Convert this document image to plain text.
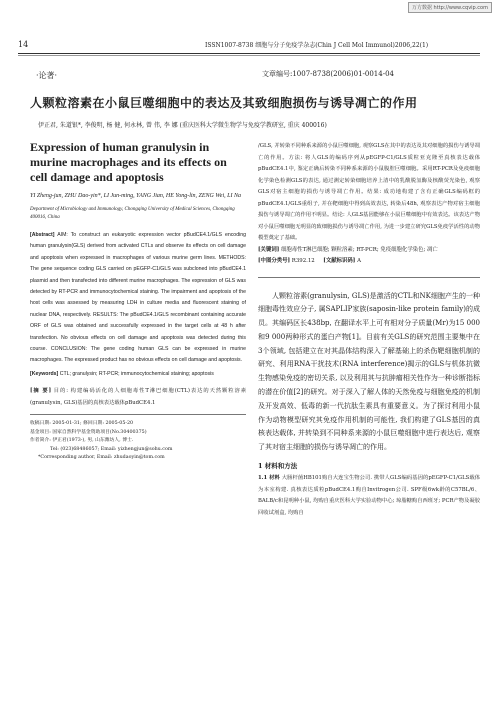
万方数据 http://www.cqvip.com
14	ISSN1007-8738 细胞与分子免疫学杂志(Chin J Cell Mol Immunol)2006,22(1)
·论著·	文章编号:1007-8738(2006)01-0014-04
人颗粒溶素在小鼠巨噬细胞中的表达及其致细胞损伤与诱导凋亡的作用
伊正君, 朱道银*, 李俊明, 杨 健, 何永林, 曾 伟, 李 娜 (重庆医科大学微生物学与免疫学教研室, 重庆 400016)
Expression of human granulysin in murine macrophages and its effects on cell damage and apoptosis
YI Zheng-jun, ZHU Dao-yin*, LI Jun-ming, YANG Jian, HE Yong-lin, ZENG Wei, LI Na
Department of Microbiology and Immunology, Chongqing University of Medical Sciences, Chongqing 400016, China
[Abstract] AIM: To construct an eukaryotic expression vector pBudCE4.1/GLS encoding human granulysin(GLS) derived from activated CTLs and observe its effects on cell damage and apoptosis when expressed in macrophages of various murine germ lines. METHODS: The gene sequence coding GLS carried on pEGFP-C1/GLS was subcloned into pBudCE4.1 plasmid and then transfected into different murine macrophages. The expression of GLS was detected by RT-PCR and immunocytochemical staining. The impairment and apoptosis of the host cells was assessed by measuring LDH in culture media and fluorescent staining of nuclear DNA, respectively. RESULTS: The pBudCE4.1/GLS recombinant containing accurate ORF of GLS was obtained and successfully expressed in the target cells at 48 h after transfection. No obvious effects on cell damage and apoptosis was detected during this course. CONCLUSION: The gene coding human GLS can be expressed in murine macrophages. The expressed product has no obvious effects on cell damage and apoptosis.
[Keywords] CTL; granulysin; RT-PCR; immunocytochemical staining; apoptosis
[摘 要] 目的: 构建编码活化的人细胞毒性T淋巴细胞(CTL)表达的天然颗粒溶素(granulysin, GLS)基因的真核表达载体pBudCE4.1
收稿日期: 2005-01-31; 修回日期: 2005-05-20
基金项目: 国家自然科学基金资助项目(No.30400375)
作者简介: 伊正君(1973-), 男, 山东潍坊人, 博士.
Tel: (023)68486057; Email: yizhengjun@sohu.com
*Corresponding author, Email: zhudaoyin@tom.com
/GLS, 并转染不同种系来源的小鼠巨噬细胞, 观察GLS在其中的表达及其对细胞的损伤与诱导凋亡的作用。方法: 将人GLS的编码序列从pEGFP-C1/GLS质粒亚克隆至真核表达载体pBudCE4.1中, 鉴定正确后转染不同种系来源的小鼠腹腔巨噬细胞。采用RT-PCR及免疫细胞化学染色检测GLS的表达, 通过测定转染细胞培养上清中的乳酸脱氢酶及核酸荧光染色, 观察GLS对宿主细胞的损伤与诱导凋亡作用。结果: 成功地构建了含有正确GLS编码框的pBudCE4.1/GLS重组子, 并在靶细胞中得到高效表达, 转染后48h, 观察表达产物对宿主细胞损伤与诱导凋亡的作用不明显。结论: 人GLS基因能够在小鼠巨噬细胞中有效表达。该表达产物对小鼠巨噬细胞无明显的致细胞损伤与诱导凋亡作用, 为进一步建立研究GLS免疫学活性的动物模型奠定了基础。
[关键词] 细胞毒性T淋巴细胞; 颗粒溶素; RT-PCR; 免疫细胞化学染色; 凋亡
[中图分类号] R392.12 [文献标识码] A
人颗粒溶素(granulysin, GLS)是激活的CTL和NK细胞产生的一种细胞毒性效应分子, 属SAPLIP家族(saposin-like protein family)的成员。其编码区长438bp, 在翻译水平上可有相对分子质量(Mr)为15 000和9 000两种形式的蛋白产物[1]。目前有关GLS的研究范围主要集中在3个领域, 包括建立在对其晶体结构深入了解基础上的杀伤靶细胞机制的研究、利用RNA干扰技术(RNA interference)揭示的GLS与机体抗微生物感染免疫的密切关系, 以及利用其与抗肿瘤相关性作为一种诊断指标的潜在价值[2]的研究。对于深入了解人体的天然免疫与细胞免疫的机制及开发高效、低毒的新一代抗肽生素具有重要意义。为了探讨利用小鼠作为动物模型研究其免疫作用机制的可能性, 我们构建了GLS基因的真核表达载体, 并转染到不同种系来源的小鼠巨噬细胞中进行表达后, 观察了其对宿主细胞的损伤与诱导凋亡的作用。
1 材料和方法
1.1 材料 大肠杆菌HB101购自大连宝生物公司. 携带人GLS编码基因的pEGFP-C1/GLS载体为本室构建. 真核表达质粒pBudCE4.1购自Invitrogen公司. SPF级6wk龄的C57BL/6、BALB/c和昆明种小鼠, 均购自重庆医科大学实验动物中心; 琼脂糖购自西班牙; PCR产物及凝胶回收试剂盒, 均购自
